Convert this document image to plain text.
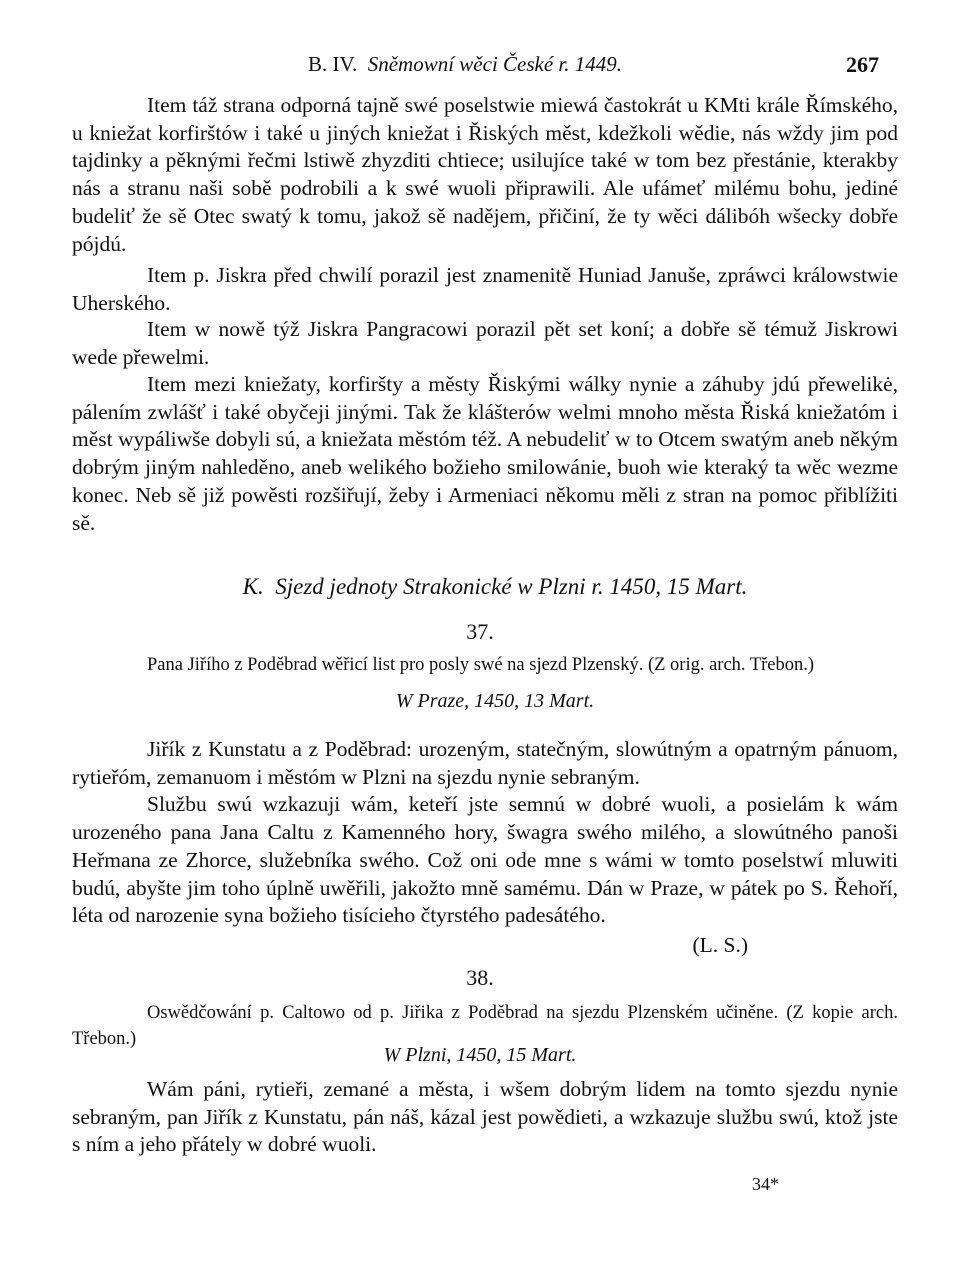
B. IV. Sněmowní wěci České r. 1449.	267

Item táž strana odporná tajně swé poselstwie miewá častokrát u KMti krále Římského, u kniežat korfirštów i také u jiných kniežat i Řiských měst, kdežkoli wědie, nás wždy jim pod tajdinky a pěknými řečmi lstiwě zhyzditi chtiece; usilujíce také w tom bez přestánie, kterakby nás a stranu naši sobě podrobili a k swé wuoli připrawili. Ale ufámeť milému bohu, jediné budeliť že sě Otec swatý k tomu, jakož sě nadějem, přičiní, že ty wěci dálibóh wšecky dobře pójdú.

Item p. Jiskra před chwilí porazil jest znamenitě Huniad Januše, zpráwci králowstwie Uherského.

Item w nowě týž Jiskra Pangracowi porazil pět set koní; a dobře sě témuž Jiskrowi wede přewelmi.

Item mezi kniežaty, korfiršty a městy Řiskými wálky nynie a záhuby jdú přewelikė, pálením zwlášť i také obyčeji jinými. Tak že klášterów welmi mnoho města Řiská kniežatóm i měst wypáliwše dobyli sú, a kniežata městóm též. A nebudeliť w to Otcem swatým aneb někým dobrým jiným nahleděno, aneb welikého božieho smilowánie, buoh wie kteraký ta wěc wezme konec. Neb sě již powěsti rozšiřují, žeby i Armeniaci někomu měli z stran na pomoc přiblížiti sě.

K. Sjezd jednoty Strakonické w Plzni r. 1450, 15 Mart.
37.

Pana Jiřího z Poděbrad wěřicí list pro posly swé na sjezd Plzenský. (Z orig. arch. Třebon.)

W Praze, 1450, 13 Mart.

Jiřík z Kunstatu a z Poděbrad: urozeným, statečným, slowútným a opatrným pánuom, rytieřóm, zemanuom i městóm w Plzni na sjezdu nynie sebraným.

Službu swú wzkazuji wám, keteří jste semnú w dobré wuoli, a posielám k wám urozeného pana Jana Caltu z Kamenného hory, šwagra swého milého, a slowútného panoši Heřmana ze Zhorce, služebníka swého. Což oni ode mne s wámi w tomto poselstwí mluwiti budú, abyšte jim toho úplně uwěřili, jakožto mně samému. Dán w Praze, w pátek po S. Řehoří, léta od narozenie syna božieho tisícieho čtyrstého padesátého.

(L. S.)
38.

Oswědčowání p. Caltowo od p. Jiřika z Poděbrad na sjezdu Plzenském učiněne. (Z kopie arch. Třebon.)

W Plzni, 1450, 15 Mart.

Wám páni, rytieři, zemané a města, i wšem dobrým lidem na tomto sjezdu nynie sebraným, pan Jiřík z Kunstatu, pán náš, kázal jest powědieti, a wzkazuje službu swú, ktož jste s ním a jeho přátely w dobré wuoli.

34*
